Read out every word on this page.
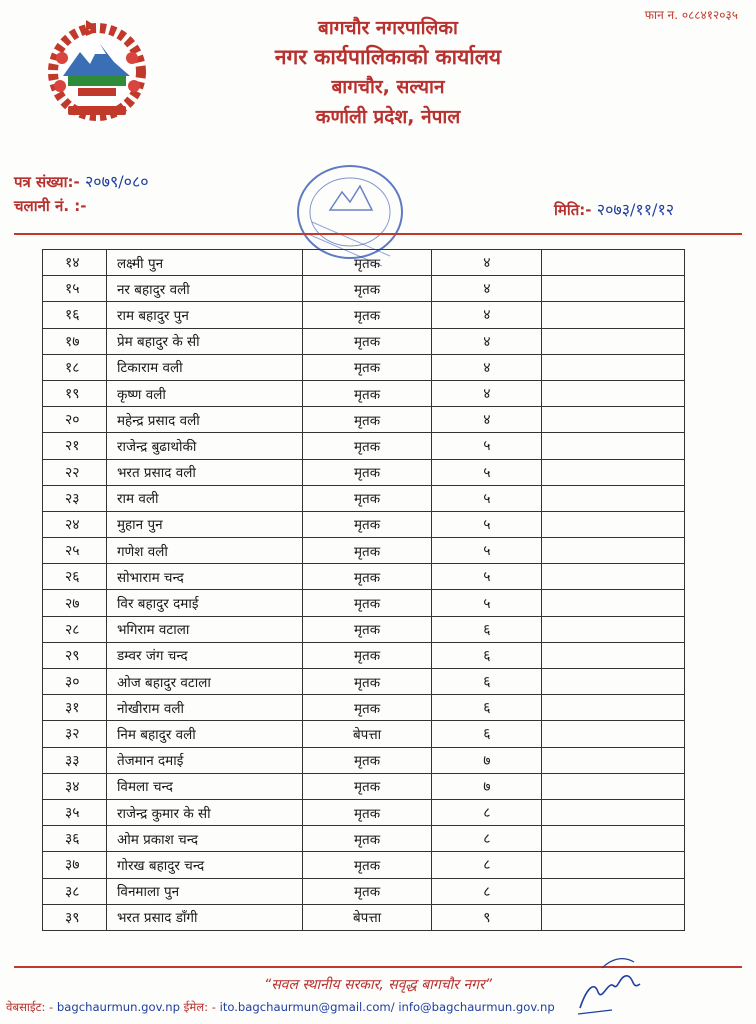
फान न. ०८८४१२०३५
बागचौर नगरपालिका
नगर कार्यपालिकाको कार्यालय
बागचौर, सल्यान
कर्णाली प्रदेश, नेपाल
पत्र संख्या:- २०७९/०८०
चलानी नं. :-	मिति:- २०७३/११/१२
१४	लक्ष्मी पुन	मृतक	४	
१५	नर बहादुर वली	मृतक	४	
१६	राम बहादुर पुन	मृतक	४	
१७	प्रेम बहादुर के सी	मृतक	४	
१८	टिकाराम वली	मृतक	४	
१९	कृष्ण वली	मृतक	४	
२०	महेन्द्र प्रसाद वली	मृतक	४	
२१	राजेन्द्र बुढाथोकी	मृतक	५	
२२	भरत प्रसाद वली	मृतक	५	
२३	राम वली	मृतक	५	
२४	मुहान पुन	मृतक	५	
२५	गणेश वली	मृतक	५	
२६	सोभाराम चन्द	मृतक	५	
२७	विर बहादुर दमाई	मृतक	५	
२८	भगिराम वटाला	मृतक	६	
२९	डम्वर जंग चन्द	मृतक	६	
३०	ओज बहादुर वटाला	मृतक	६	
३१	नोखीराम वली	मृतक	६	
३२	निम बहादुर वली	बेपत्ता	६	
३३	तेजमान दमाई	मृतक	७	
३४	विमला चन्द	मृतक	७	
३५	राजेन्द्र कुमार के सी	मृतक	८	
३६	ओम प्रकाश चन्द	मृतक	८	
३७	गोरख बहादुर चन्द	मृतक	८	
३८	विनमाला पुन	मृतक	८	
३९	भरत प्रसाद डाँगी	बेपत्ता	९	
“सवल स्थानीय सरकार, सवृद्ध बागचौर नगर”
वेबसाईट: - bagchaurmun.gov.np ईमेल: - ito.bagchaurmun@gmail.com/ info@bagchaurmun.gov.np
